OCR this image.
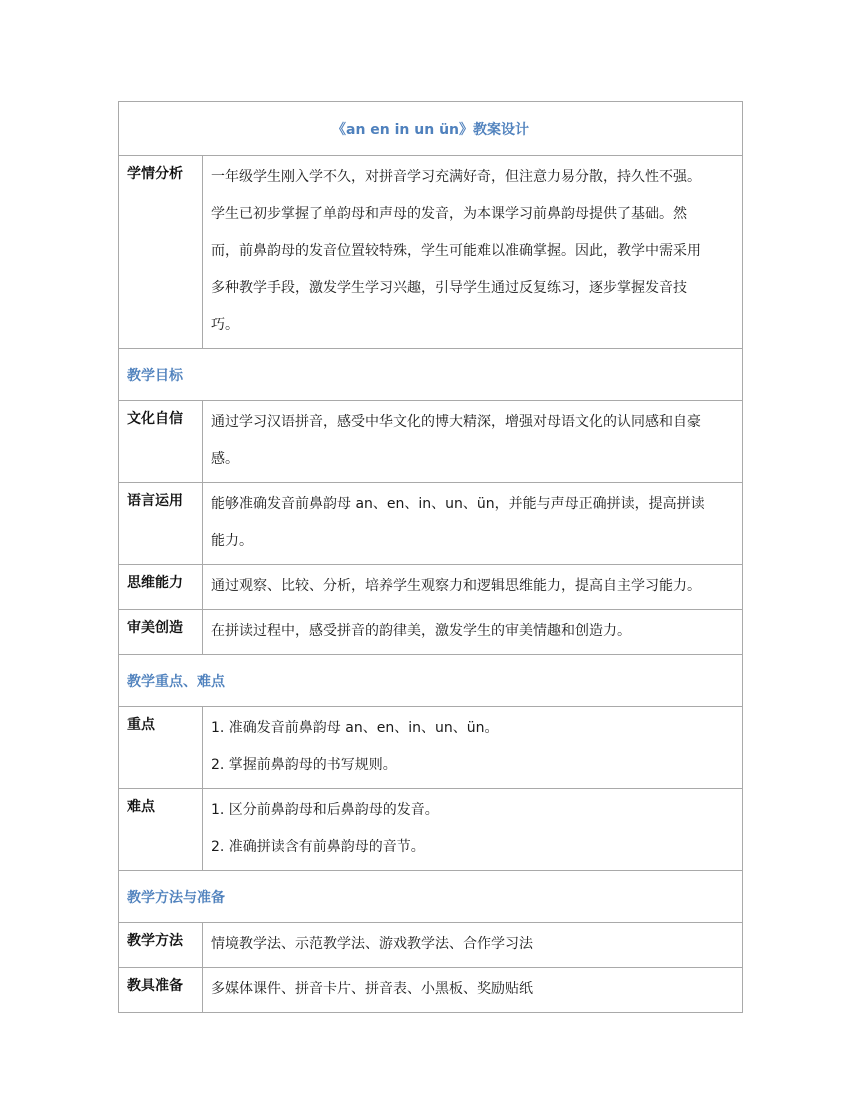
《an en in un ün》教案设计	
学情分析	一年级学生刚入学不久，对拼音学习充满好奇，但注意力易分散，持久性不强。
学生已初步掌握了单韵母和声母的发音，为本课学习前鼻韵母提供了基础。然
而，前鼻韵母的发音位置较特殊，学生可能难以准确掌握。因此，教学中需采用
多种教学手段，激发学生学习兴趣，引导学生通过反复练习，逐步掌握发音技
巧。

教学目标	
文化自信	通过学习汉语拼音，感受中华文化的博大精深，增强对母语文化的认同感和自豪
感。

语言运用	能够准确发音前鼻韵母 an、en、in、un、ün，并能与声母正确拼读，提高拼读
能力。

思维能力	通过观察、比较、分析，培养学生观察力和逻辑思维能力，提高自主学习能力。

审美创造	在拼读过程中，感受拼音的韵律美，激发学生的审美情趣和创造力。

教学重点、难点	
重点	1. 准确发音前鼻韵母 an、en、in、un、ün。
2. 掌握前鼻韵母的书写规则。

难点	1. 区分前鼻韵母和后鼻韵母的发音。
2. 准确拼读含有前鼻韵母的音节。

教学方法与准备	
教学方法	情境教学法、示范教学法、游戏教学法、合作学习法

教具准备	多媒体课件、拼音卡片、拼音表、小黑板、奖励贴纸
